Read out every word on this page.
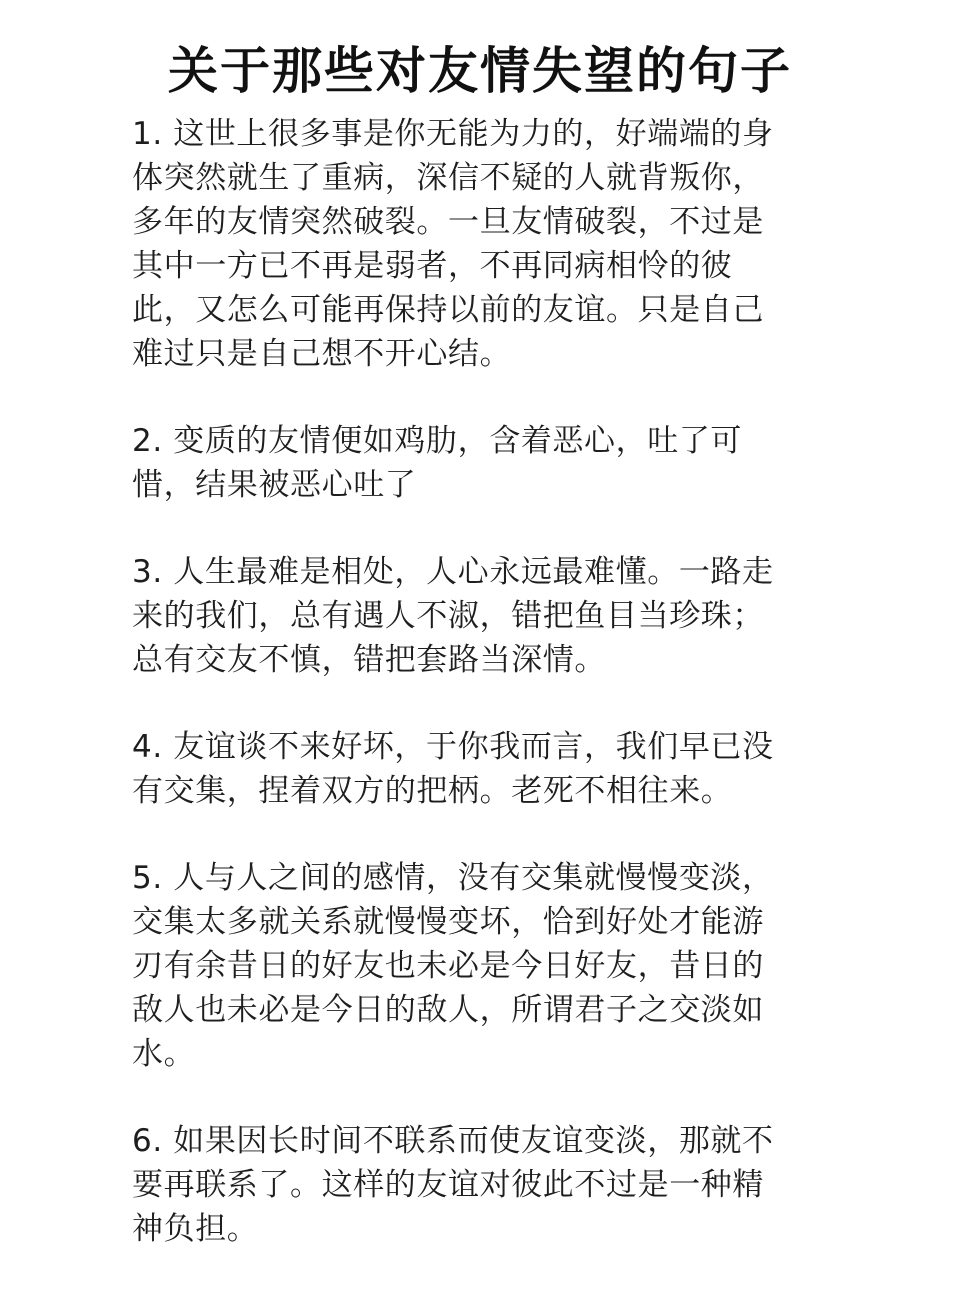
关于那些对友情失望的句子
1. 这世上很多事是你无能为力的，好端端的身体突然就生了重病，深信不疑的人就背叛你，多年的友情突然破裂。一旦友情破裂，不过是其中一方已不再是弱者，不再同病相怜的彼此，又怎么可能再保持以前的友谊。只是自己难过只是自己想不开心结。
2. 变质的友情便如鸡肋，含着恶心，吐了可惜，结果被恶心吐了
3. 人生最难是相处，人心永远最难懂。一路走来的我们，总有遇人不淑，错把鱼目当珍珠；总有交友不慎，错把套路当深情。
4. 友谊谈不来好坏，于你我而言，我们早已没有交集，捏着双方的把柄。老死不相往来。
5. 人与人之间的感情，没有交集就慢慢变淡，交集太多就关系就慢慢变坏，恰到好处才能游刃有余昔日的好友也未必是今日好友，昔日的敌人也未必是今日的敌人，所谓君子之交淡如水。
6. 如果因长时间不联系而使友谊变淡，那就不要再联系了。这样的友谊对彼此不过是一种精神负担。
